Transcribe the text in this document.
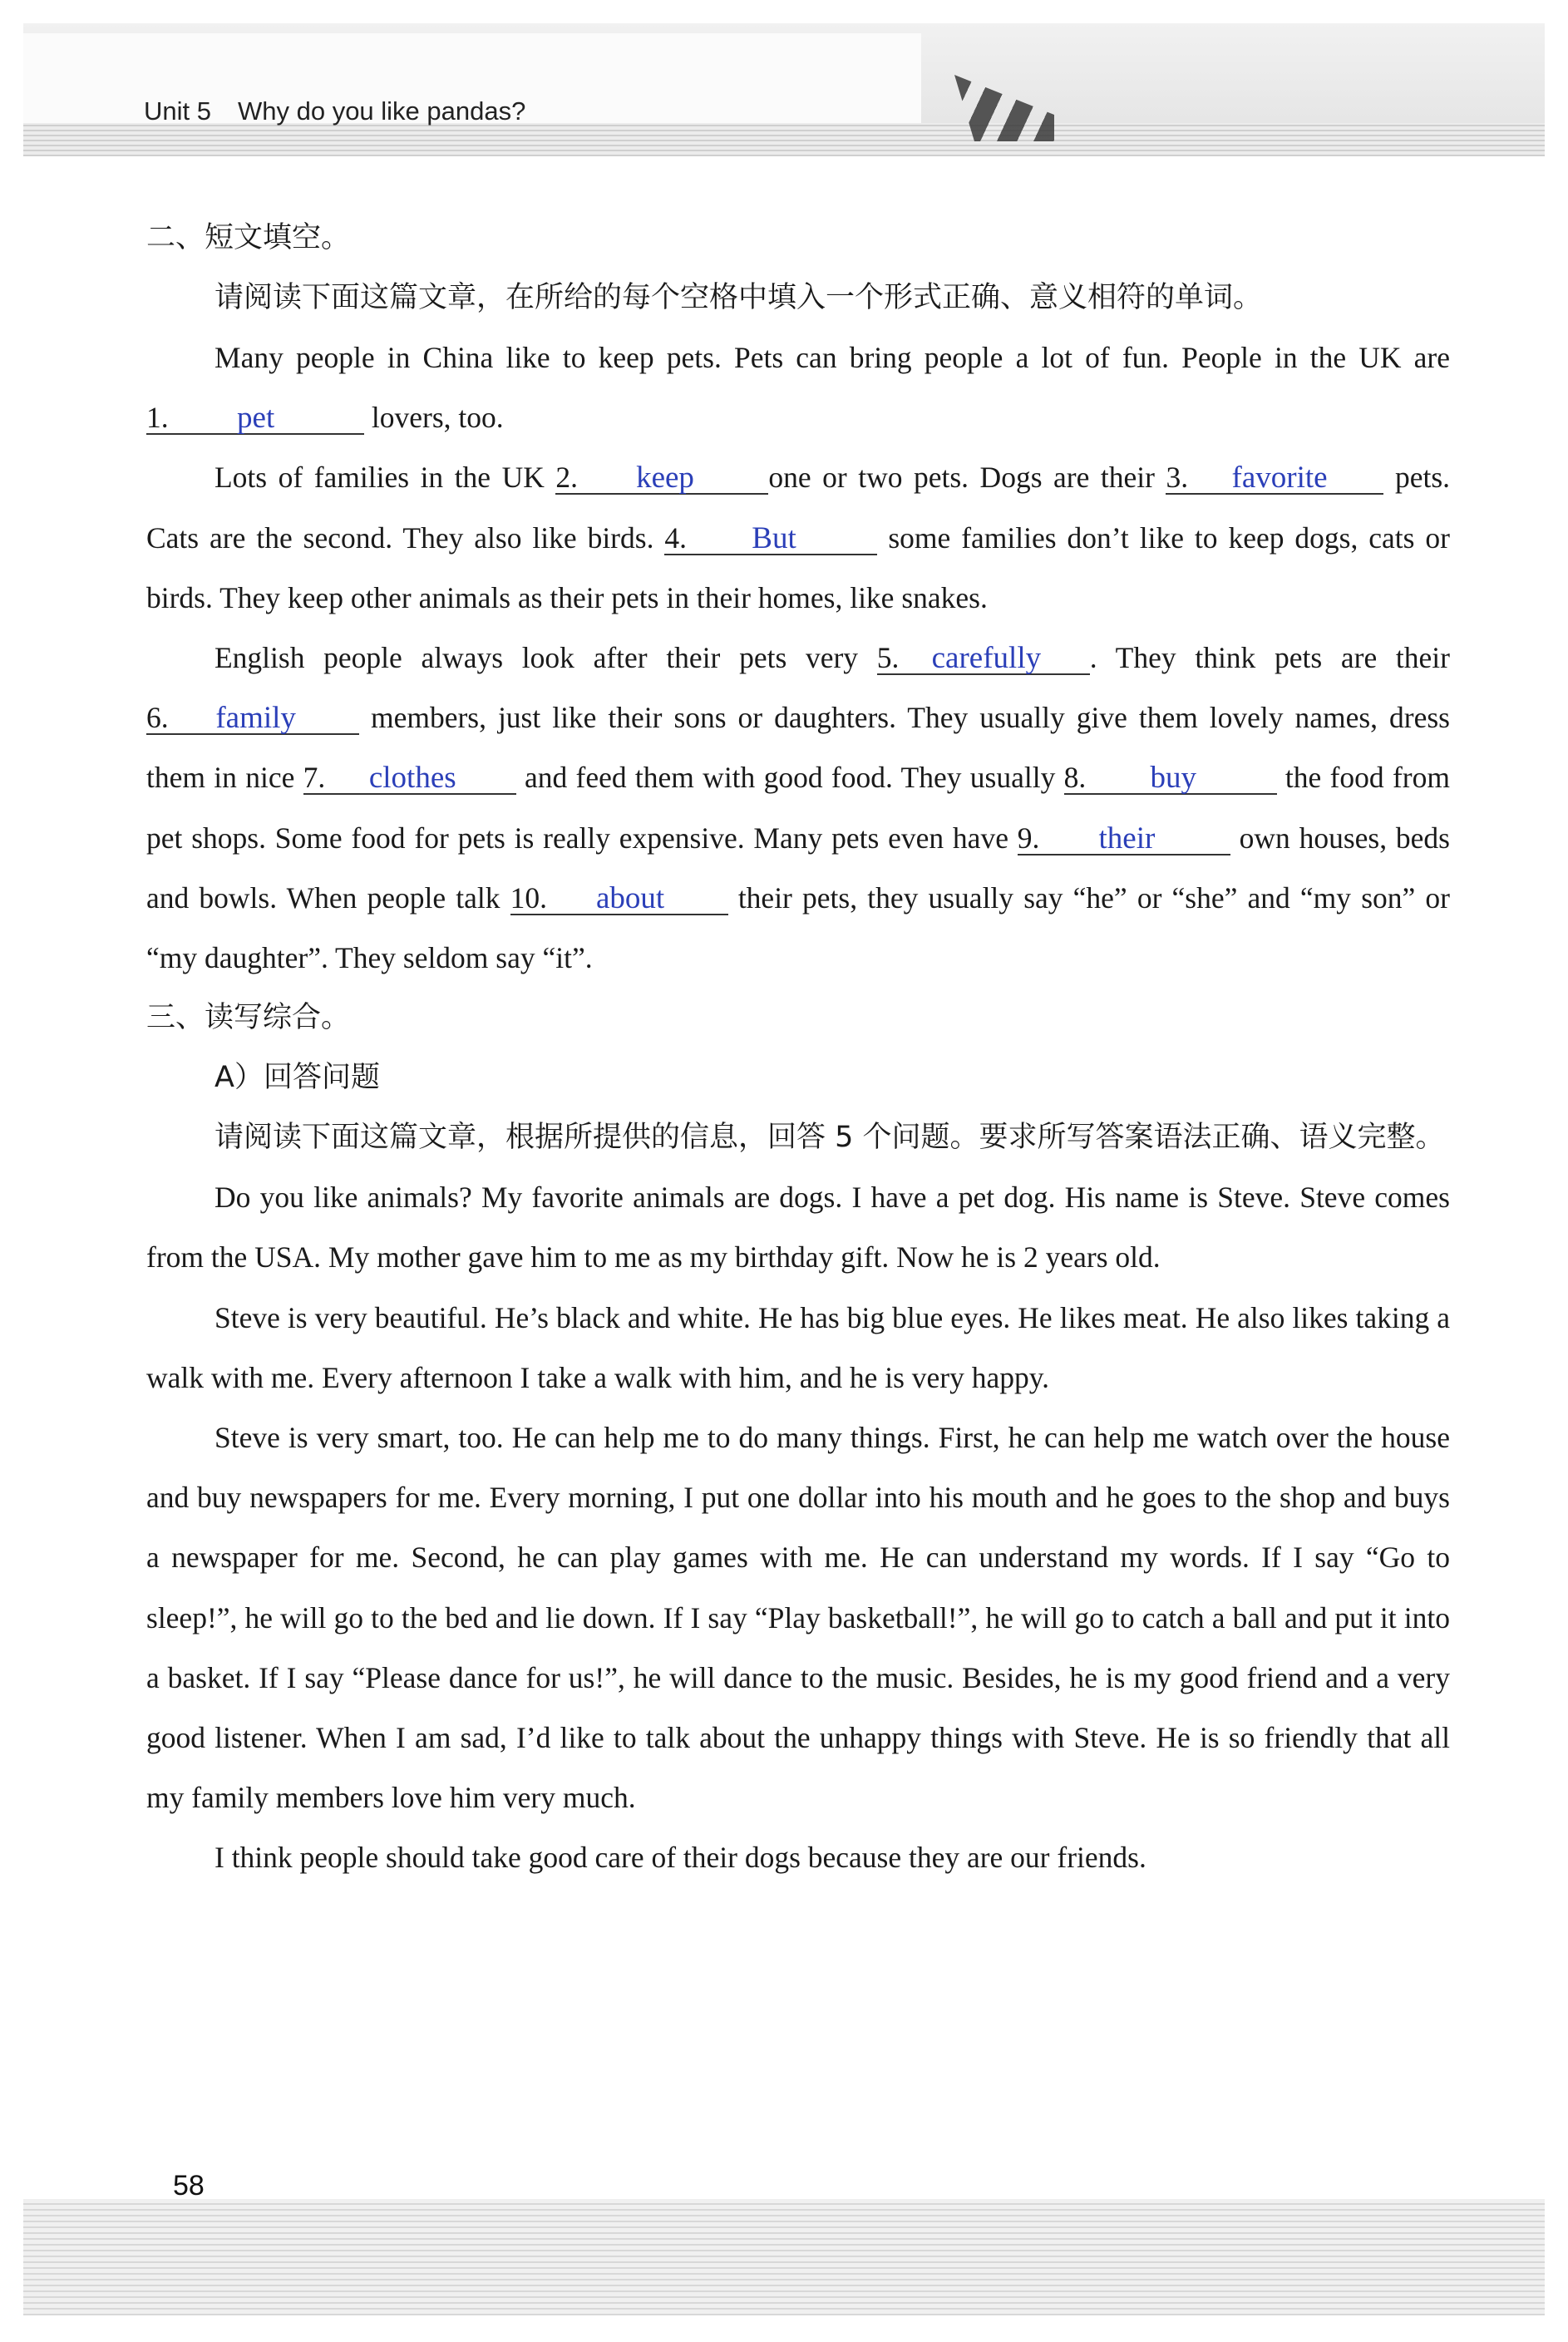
Unit 5 Why do you like pandas?

二、短文填空。

请阅读下面这篇文章，在所给的每个空格中填入一个形式正确、意义相符的单词。

Many people in China like to keep pets. Pets can bring people a lot of fun. People in the UK are 1. pet	lovers, too.

Lots of families in the UK 2. keep	one or two pets. Dogs are their 3. favorite pets. Cats are the second. They also like birds. 4. But	some families don’t like to keep dogs, cats or birds. They keep other animals as their pets in their homes, like snakes.

English people always look after their pets very 5. carefully . They think pets are their 6. family members, just like their sons or daughters. They usually give them lovely names, dress them in nice 7. clothes and feed them with good food. They usually 8. buy	the food from pet shops. Some food for pets is really expensive. Many pets even have 9. their	own houses, beds and bowls. When people talk 10. about their pets, they usually say “he” or “she” and “my son” or “my daughter”. They seldom say “it”.

三、读写综合。

A）回答问题

请阅读下面这篇文章，根据所提供的信息，回答 5 个问题。要求所写答案语法正确、语义完整。

Do you like animals? My favorite animals are dogs. I have a pet dog. His name is Steve. Steve comes from the USA. My mother gave him to me as my birthday gift. Now he is 2 years old.

Steve is very beautiful. He’s black and white. He has big blue eyes. He likes meat. He also likes taking a walk with me. Every afternoon I take a walk with him, and he is very happy.

Steve is very smart, too. He can help me to do many things. First, he can help me watch over the house and buy newspapers for me. Every morning, I put one dollar into his mouth and he goes to the shop and buys a newspaper for me. Second, he can play games with me. He can understand my words. If I say “Go to sleep!”, he will go to the bed and lie down. If I say “Play basketball!”, he will go to catch a ball and put it into a basket. If I say “Please dance for us!”, he will dance to the music. Besides, he is my good friend and a very good listener. When I am sad, I’d like to talk about the unhappy things with Steve. He is so friendly that all my family members love him very much.

I think people should take good care of their dogs because they are our friends.

58
